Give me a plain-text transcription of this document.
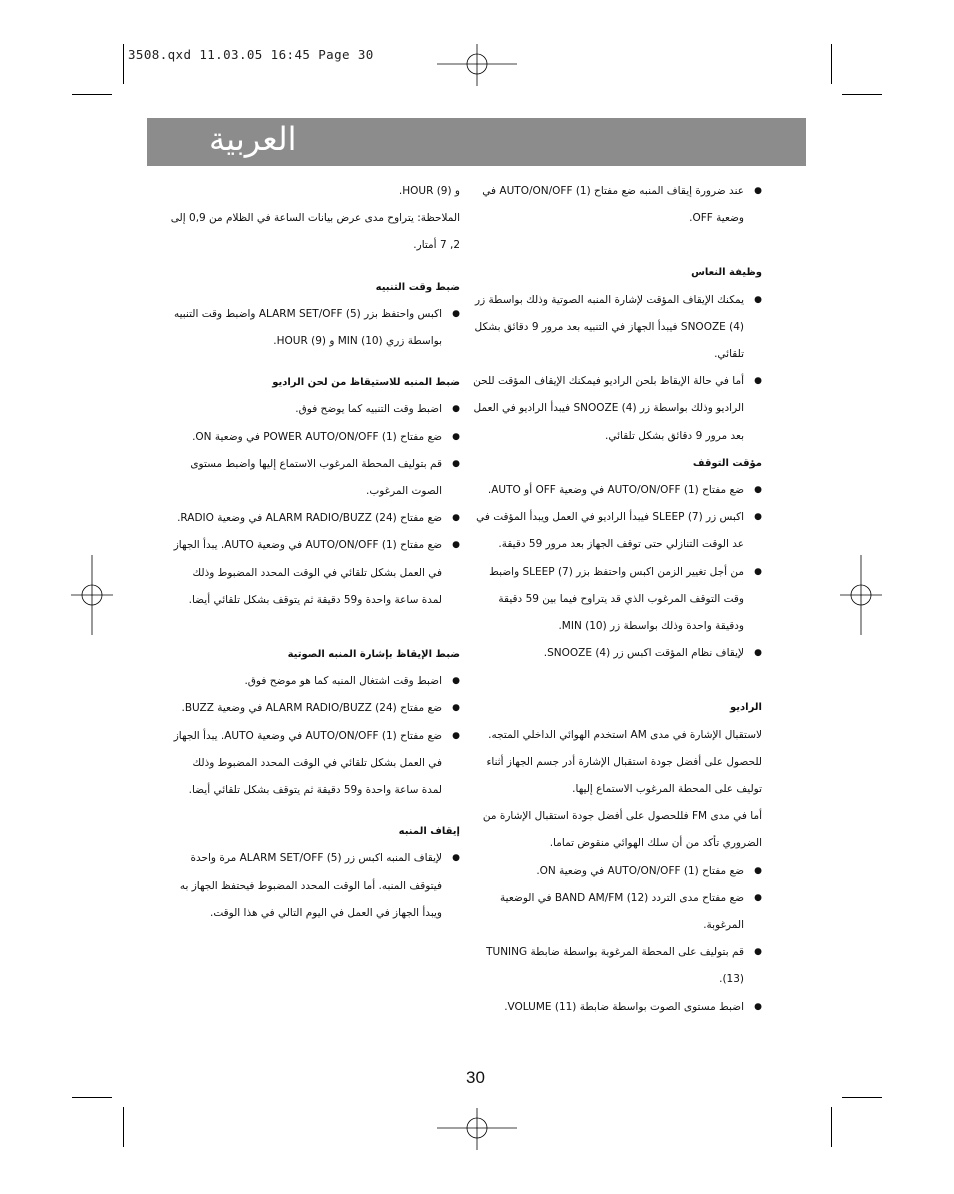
3508.qxd 11.03.05 16:45 Page 30
العربية
●
عند ضرورة إيقاف المنبه ضع مفتاح AUTO/ON/OFF (1) في وضعية OFF.
وظيفة النعاس
●
يمكنك الإيقاف المؤقت لإشارة المنبه الصوتية وذلك بواسطة زر SNOOZE (4) فيبدأ الجهاز في التنبيه بعد مرور 9 دقائق بشكل تلقائي.
●
أما في حالة الإيقاظ بلحن الراديو فيمكنك الإيقاف المؤقت للحن الراديو وذلك بواسطة زر SNOOZE (4) فيبدأ الراديو في العمل بعد مرور 9 دقائق بشكل تلقائي.
مؤقت التوقف
●
ضع مفتاح AUTO/ON/OFF (1) في وضعية OFF أو AUTO.
●
اكبس زر SLEEP (7) فيبدأ الراديو في العمل ويبدأ المؤقت في عد الوقت التنازلي حتى توقف الجهاز بعد مرور 59 دقيقة.
●
من أجل تغيير الزمن اكبس واحتفظ بزر SLEEP (7) واضبط وقت التوقف المرغوب الذي قد يتراوح فيما بين 59 دقيقة ودقيقة واحدة وذلك بواسطة زر MIN (10).
●
لإيقاف نظام المؤقت اكبس زر SNOOZE (4).
الراديو
لاستقبال الإشارة في مدى AM استخدم الهوائي الداخلي المتجه. للحصول على أفضل جودة استقبال الإشارة أدر جسم الجهاز أثناء توليف على المحطة المرغوب الاستماع إليها.
أما في مدى FM فللحصول على أفضل جودة استقبال الإشارة من الضروري تأكد من أن سلك الهوائي منقوض تماما.
●
ضع مفتاح AUTO/ON/OFF (1) في وضعية ON.
●
ضع مفتاح مدى التردد BAND AM/FM (12) في الوضعية المرغوبة.
●
قم بتوليف على المحطة المرغوبة بواسطة ضابطة TUNING (13).
●
اضبط مستوى الصوت بواسطة ضابطة VOLUME (11).
و HOUR (9).
الملاحظة: يتراوح مدى عرض بيانات الساعة في الظلام من 0,9 إلى 2, 7 أمتار.
ضبط وقت التنبيه
●
اكبس واحتفظ بزر ALARM SET/OFF (5) واضبط وقت التنبيه بواسطة زري MIN (10) و HOUR (9).
ضبط المنبه للاستيقاظ من لحن الراديو
●
اضبط وقت التنبيه كما يوضح فوق.
●
ضع مفتاح POWER AUTO/ON/OFF (1) في وضعية ON.
●
قم بتوليف المحطة المرغوب الاستماع إليها واضبط مستوى الصوت المرغوب.
●
ضع مفتاح ALARM RADIO/BUZZ (24) في وضعية RADIO.
●
ضع مفتاح AUTO/ON/OFF (1) في وضعية AUTO. يبدأ الجهاز في العمل بشكل تلقائي في الوقت المحدد المضبوط وذلك لمدة ساعة واحدة و59 دقيقة ثم يتوقف بشكل تلقائي أيضا.
ضبط الإيقاظ بإشارة المنبه الصوتية
●
اضبط وقت اشتغال المنبه كما هو موضح فوق.
●
ضع مفتاح ALARM RADIO/BUZZ (24) في وضعية BUZZ.
●
ضع مفتاح AUTO/ON/OFF (1) في وضعية AUTO. يبدأ الجهاز في العمل بشكل تلقائي في الوقت المحدد المضبوط وذلك لمدة ساعة واحدة و59 دقيقة ثم يتوقف بشكل تلقائي أيضا.
إيقاف المنبه
●
لإيقاف المنبه اكبس زر ALARM SET/OFF (5) مرة واحدة فيتوقف المنبه. أما الوقت المحدد المضبوط فيحتفظ الجهاز به ويبدأ الجهاز في العمل في اليوم التالي في هذا الوقت.
30
